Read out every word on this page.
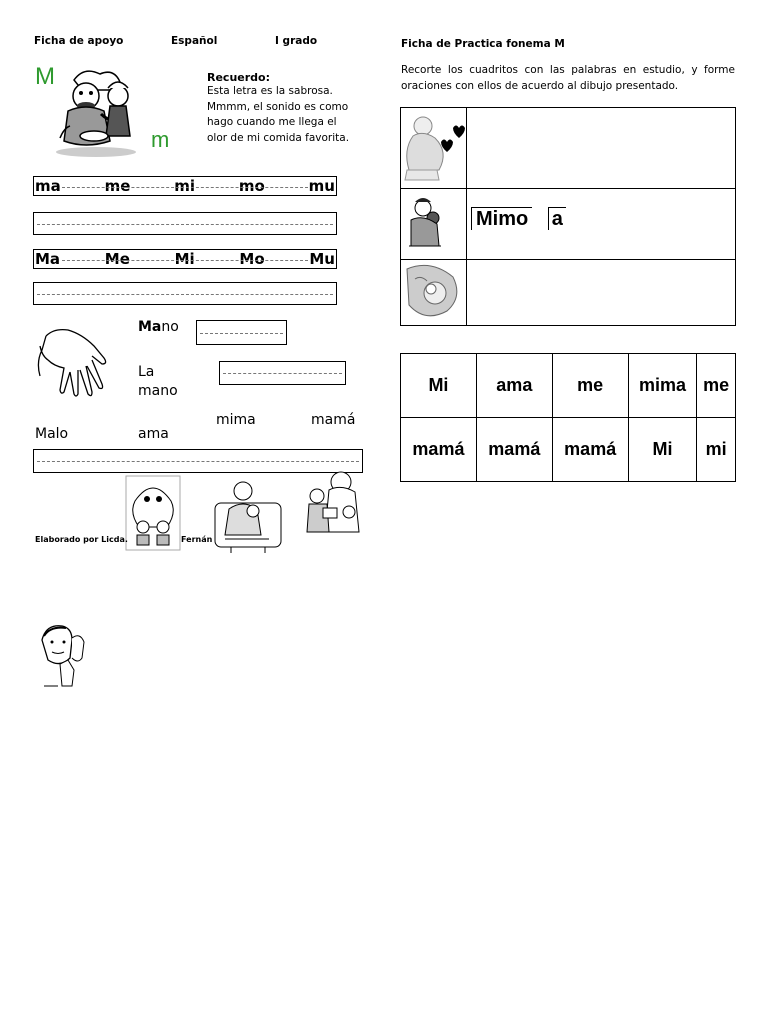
Ficha de apoyo	Español	I grado
M
m
Recuerdo:
Esta letra es la sabrosa.
Mmmm, el sonido es como
hago cuando me llega el
olor de mi comida favorita.
ma	me	mi	mo	mu
Ma	Me	Mi	Mo	Mu
Mano
La
mano
mima	mamá
Malo	ama
Elaborado por Licda.	Fernán
Ficha de Practica fonema M
Recorte los cuadritos con las palabras en estudio, y forme oraciones con ellos de acuerdo al dibujo presentado.
Mimo a
Mi	ama	me	mima	me
mamá	mamá	mamá	Mi	mi
